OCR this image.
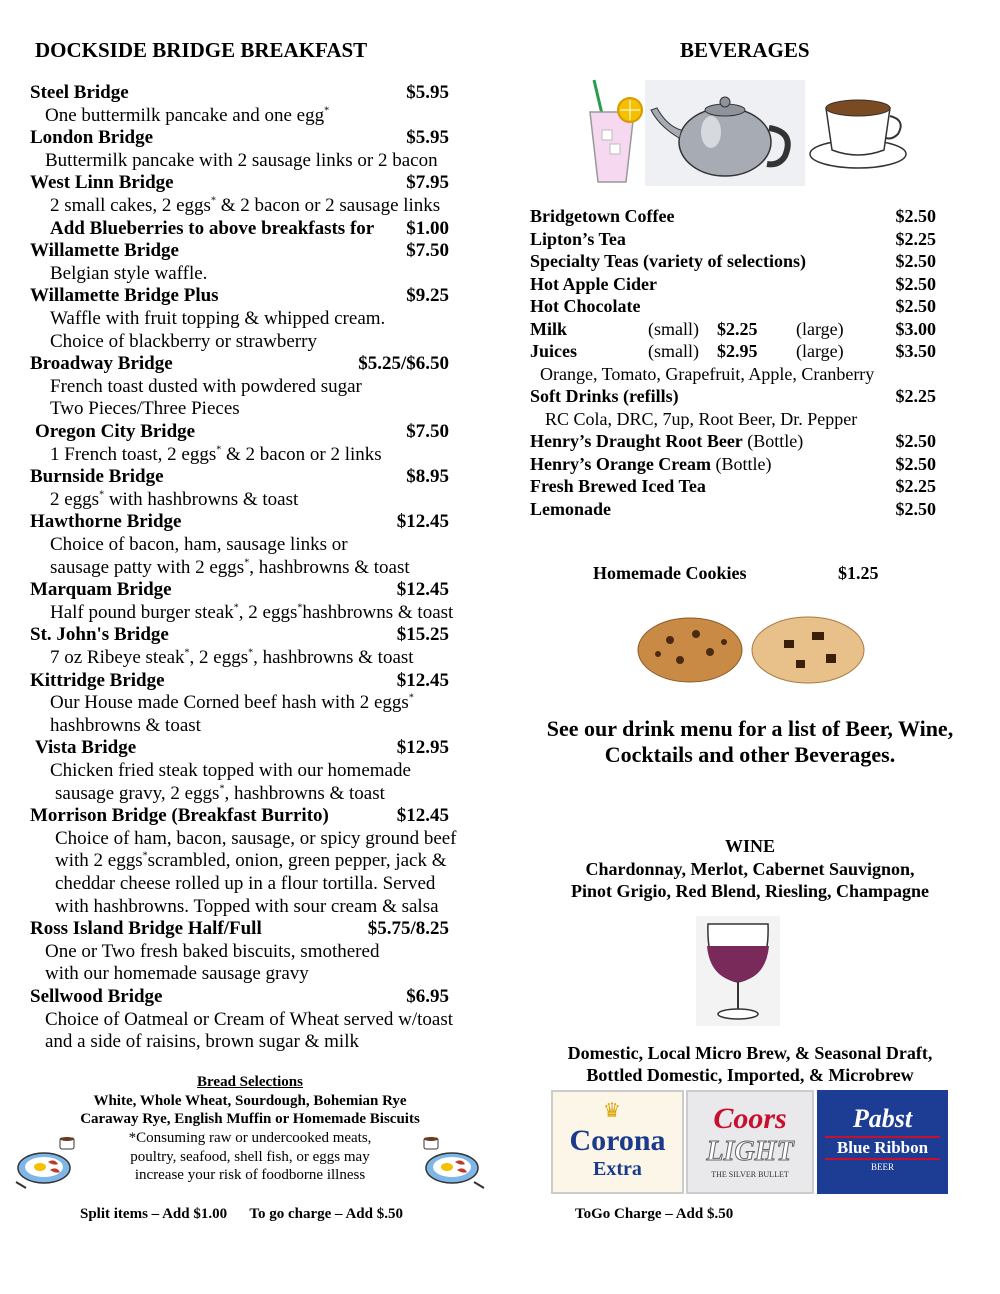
DOCKSIDE BRIDGE BREAKFAST	BEVERAGES
Steel Bridge	$5.95
One buttermilk pancake and one egg*
London Bridge	$5.95
Buttermilk pancake with 2 sausage links or 2 bacon
West Linn Bridge	$7.95
2 small cakes, 2 eggs* & 2 bacon or 2 sausage links
Add Blueberries to above breakfasts for	$1.00
Willamette Bridge	$7.50
Belgian style waffle.
Willamette Bridge Plus	$9.25
Waffle with fruit topping & whipped cream.
Choice of blackberry or strawberry
Broadway Bridge	$5.25/$6.50
French toast dusted with powdered sugar
Two Pieces/Three Pieces
Oregon City Bridge	$7.50
1 French toast, 2 eggs* & 2 bacon or 2 links
Burnside Bridge	$8.95
2 eggs* with hashbrowns & toast
Hawthorne Bridge	$12.45
Choice of bacon, ham, sausage links or
sausage patty with 2 eggs*, hashbrowns & toast
Marquam Bridge	$12.45
Half pound burger steak*, 2 eggs*hashbrowns & toast
St. John's Bridge	$15.25
7 oz Ribeye steak*, 2 eggs*, hashbrowns & toast
Kittridge Bridge	$12.45
Our House made Corned beef hash with 2 eggs*
hashbrowns & toast
Vista Bridge	$12.95
Chicken fried steak topped with our homemade
sausage gravy, 2 eggs*, hashbrowns & toast
Morrison Bridge (Breakfast Burrito)	$12.45
Choice of ham, bacon, sausage, or spicy ground beef
with 2 eggs*scrambled, onion, green pepper, jack &
cheddar cheese rolled up in a flour tortilla. Served
with hashbrowns. Topped with sour cream & salsa
Ross Island Bridge Half/Full	$5.75/8.25
One or Two fresh baked biscuits, smothered
with our homemade sausage gravy
Sellwood Bridge	$6.95
Choice of Oatmeal or Cream of Wheat served w/toast
and a side of raisins, brown sugar & milk
Bread Selections
White, Whole Wheat, Sourdough, Bohemian Rye
Caraway Rye, English Muffin or Homemade Biscuits
*Consuming raw or undercooked meats,
poultry, seafood, shell fish, or eggs may
increase your risk of foodborne illness
Split items – Add $1.00      To go charge – Add $.50
Bridgetown Coffee	$2.50
Lipton’s Tea	$2.25
Specialty Teas (variety of selections)	$2.50
Hot Apple Cider	$2.50
Hot Chocolate	$2.50
Milk	(small) $2.25 (large)	$3.00
Juices	(small) $2.95 (large)	$3.50
Orange, Tomato, Grapefruit, Apple, Cranberry
Soft Drinks (refills)	$2.25
RC Cola, DRC, 7up, Root Beer, Dr. Pepper
Henry’s Draught Root Beer (Bottle)	$2.50
Henry’s Orange Cream (Bottle)	$2.50
Fresh Brewed Iced Tea	$2.25
Lemonade	$2.50
Homemade Cookies	$1.25
See our drink menu for a list of Beer, Wine,
Cocktails and other Beverages.
WINE
Chardonnay, Merlot, Cabernet Sauvignon,
Pinot Grigio, Red Blend, Riesling, Champagne
Domestic, Local Micro Brew, & Seasonal Draft,
Bottled Domestic, Imported, & Microbrew
♛
Corona
Extra
Coors
LIGHT
THE SILVER BULLET
Pabst
Blue Ribbon
BEER
ToGo Charge – Add $.50
